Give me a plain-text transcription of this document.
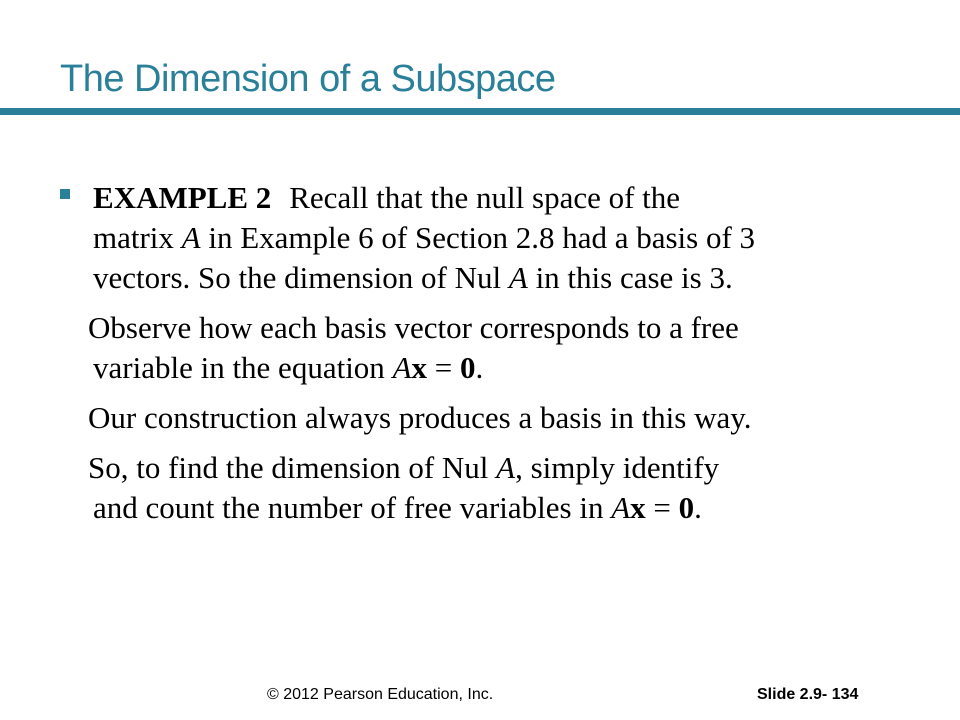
The Dimension of a Subspace
EXAMPLE 2 Recall that the null space of the
matrix A in Example 6 of Section 2.8 had a basis of 3
vectors. So the dimension of Nul A in this case is 3.
Observe how each basis vector corresponds to a free
variable in the equation Ax = 0.
Our construction always produces a basis in this way.
So, to find the dimension of Nul A, simply identify
and count the number of free variables in Ax = 0.
© 2012 Pearson Education, Inc.	Slide 2.9- 134
